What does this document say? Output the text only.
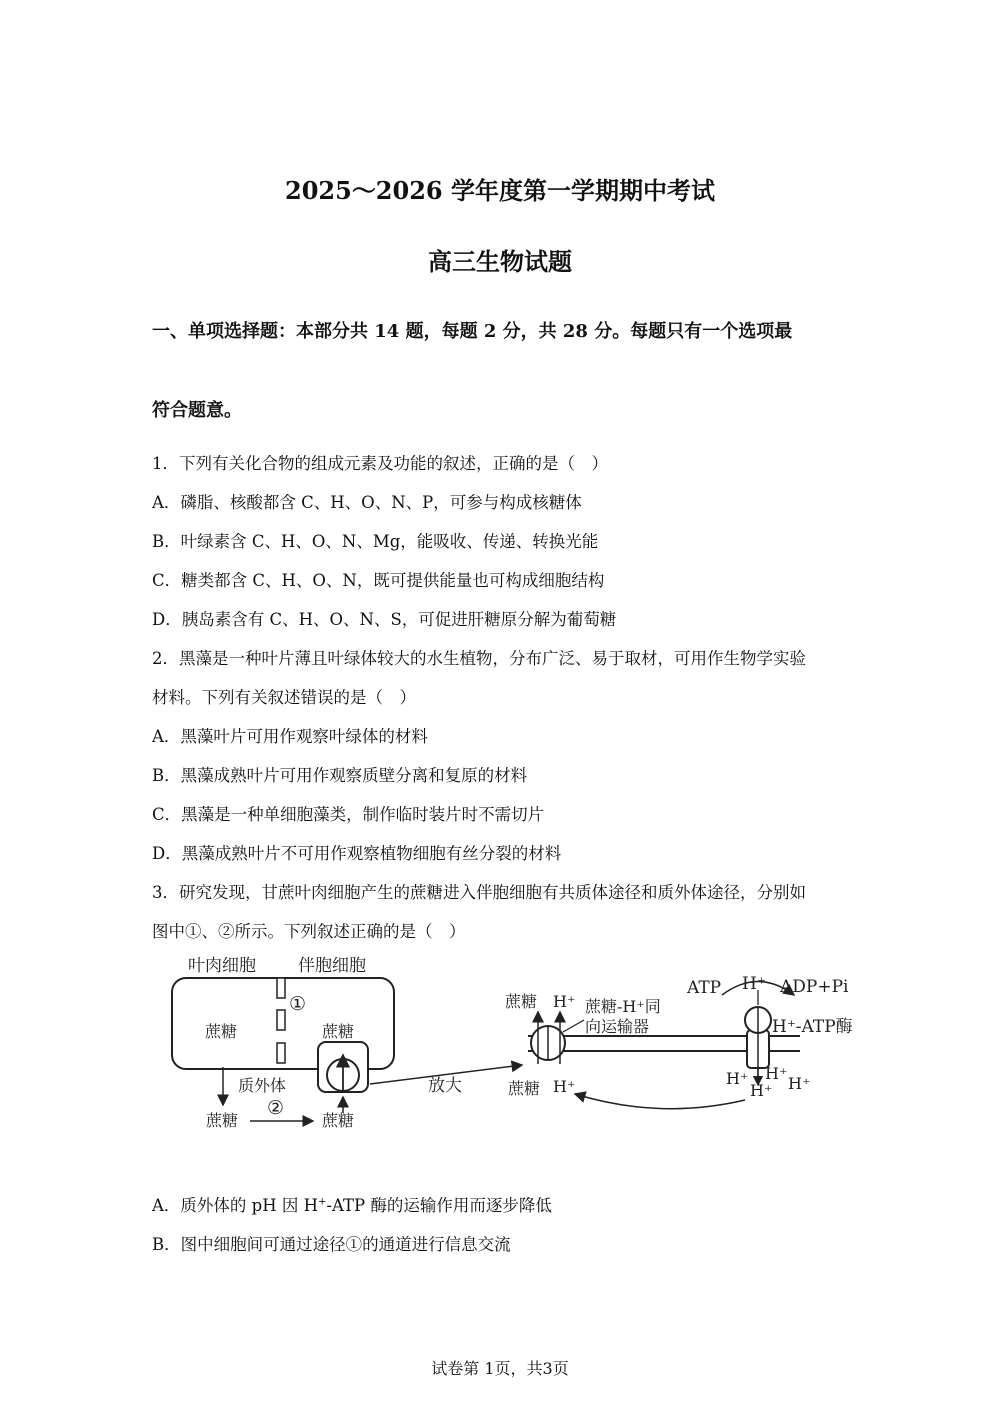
2025～2026 学年度第一学期期中考试
高三生物试题
一、单项选择题：本部分共 14 题，每题 2 分，共 28 分。每题只有一个选项最
符合题意。
1．下列有关化合物的组成元素及功能的叙述，正确的是（　）
A．磷脂、核酸都含 C、H、O、N、P，可参与构成核糖体
B．叶绿素含 C、H、O、N、Mg，能吸收、传递、转换光能
C．糖类都含 C、H、O、N，既可提供能量也可构成细胞结构
D．胰岛素含有 C、H、O、N、S，可促进肝糖原分解为葡萄糖
2．黑藻是一种叶片薄且叶绿体较大的水生植物，分布广泛、易于取材，可用作生物学实验
材料。下列有关叙述错误的是（　）
A．黑藻叶片可用作观察叶绿体的材料
B．黑藻成熟叶片可用作观察质壁分离和复原的材料
C．黑藻是一种单细胞藻类，制作临时装片时不需切片
D．黑藻成熟叶片不可用作观察植物细胞有丝分裂的材料
3．研究发现，甘蔗叶肉细胞产生的蔗糖进入伴胞细胞有共质体途径和质外体途径，分别如
图中①、②所示。下列叙述正确的是（　）
叶肉细胞 伴胞细胞
①
蔗糖	蔗糖
质外体
蔗糖
②
蔗糖
放大
蔗糖 H⁺ 蔗糖-H⁺同
向运输器
蔗糖 H⁺
ATP H⁺ ADP+Pi
H⁺-ATP酶
H⁺ H⁺
H⁺
H⁺
A．质外体的 pH 因 H+-ATP 酶的运输作用而逐步降低
B．图中细胞间可通过途径①的通道进行信息交流
试卷第 1页，共3页
